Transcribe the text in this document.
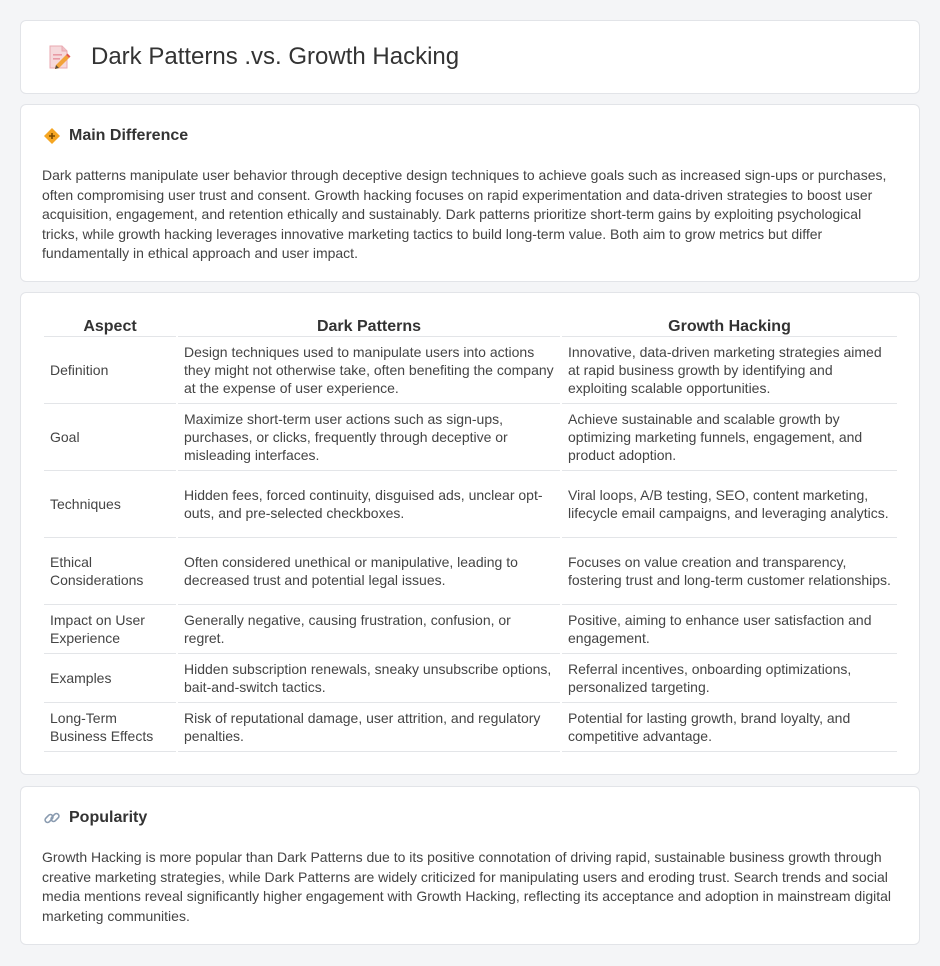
Dark Patterns .vs. Growth Hacking
Main Difference

Dark patterns manipulate user behavior through deceptive design techniques to achieve goals such as increased sign-ups or purchases, often compromising user trust and consent. Growth hacking focuses on rapid experimentation and data-driven strategies to boost user acquisition, engagement, and retention ethically and sustainably. Dark patterns prioritize short-term gains by exploiting psychological tricks, while growth hacking leverages innovative marketing tactics to build long-term value. Both aim to grow metrics but differ fundamentally in ethical approach and user impact.

Aspect	Dark Patterns	Growth Hacking
Definition	Design techniques used to manipulate users into actions they might not otherwise take, often benefiting the company at the expense of user experience.	Innovative, data-driven marketing strategies aimed at rapid business growth by identifying and exploiting scalable opportunities.
Goal	Maximize short-term user actions such as sign-ups, purchases, or clicks, frequently through deceptive or misleading interfaces.	Achieve sustainable and scalable growth by optimizing marketing funnels, engagement, and product adoption.
Techniques	Hidden fees, forced continuity, disguised ads, unclear opt-outs, and pre-selected checkboxes.	Viral loops, A/B testing, SEO, content marketing, lifecycle email campaigns, and leveraging analytics.
Ethical Considerations	Often considered unethical or manipulative, leading to decreased trust and potential legal issues.	Focuses on value creation and transparency, fostering trust and long-term customer relationships.
Impact on User Experience	Generally negative, causing frustration, confusion, or regret.	Positive, aiming to enhance user satisfaction and engagement.
Examples	Hidden subscription renewals, sneaky unsubscribe options, bait-and-switch tactics.	Referral incentives, onboarding optimizations, personalized targeting.
Long-Term Business Effects	Risk of reputational damage, user attrition, and regulatory penalties.	Potential for lasting growth, brand loyalty, and competitive advantage.
Popularity

Growth Hacking is more popular than Dark Patterns due to its positive connotation of driving rapid, sustainable business growth through creative marketing strategies, while Dark Patterns are widely criticized for manipulating users and eroding trust. Search trends and social media mentions reveal significantly higher engagement with Growth Hacking, reflecting its acceptance and adoption in mainstream digital marketing communities.
